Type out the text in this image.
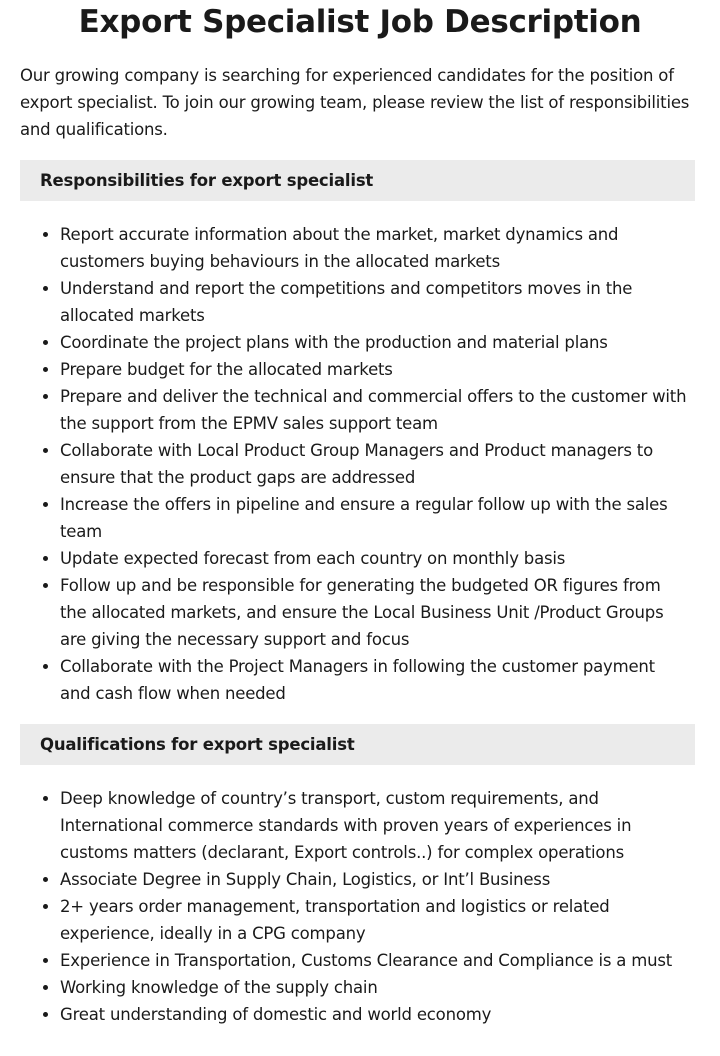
Export Specialist Job Description

Our growing company is searching for experienced candidates for the position of export specialist. To join our growing team, please review the list of responsibilities and qualifications.

Responsibilities for export specialist
• Report accurate information about the market, market dynamics and customers buying behaviours in the allocated markets
• Understand and report the competitions and competitors moves in the allocated markets
• Coordinate the project plans with the production and material plans
• Prepare budget for the allocated markets
• Prepare and deliver the technical and commercial offers to the customer with the support from the EPMV sales support team
• Collaborate with Local Product Group Managers and Product managers to ensure that the product gaps are addressed
• Increase the offers in pipeline and ensure a regular follow up with the sales team
• Update expected forecast from each country on monthly basis
• Follow up and be responsible for generating the budgeted OR figures from the allocated markets, and ensure the Local Business Unit /Product Groups are giving the necessary support and focus
• Collaborate with the Project Managers in following the customer payment and cash flow when needed
Qualifications for export specialist
• Deep knowledge of country’s transport, custom requirements, and International commerce standards with proven years of experiences in customs matters (declarant, Export controls..) for complex operations
• Associate Degree in Supply Chain, Logistics, or Int’l Business
• 2+ years order management, transportation and logistics or related experience, ideally in a CPG company
• Experience in Transportation, Customs Clearance and Compliance is a must
• Working knowledge of the supply chain
• Great understanding of domestic and world economy
